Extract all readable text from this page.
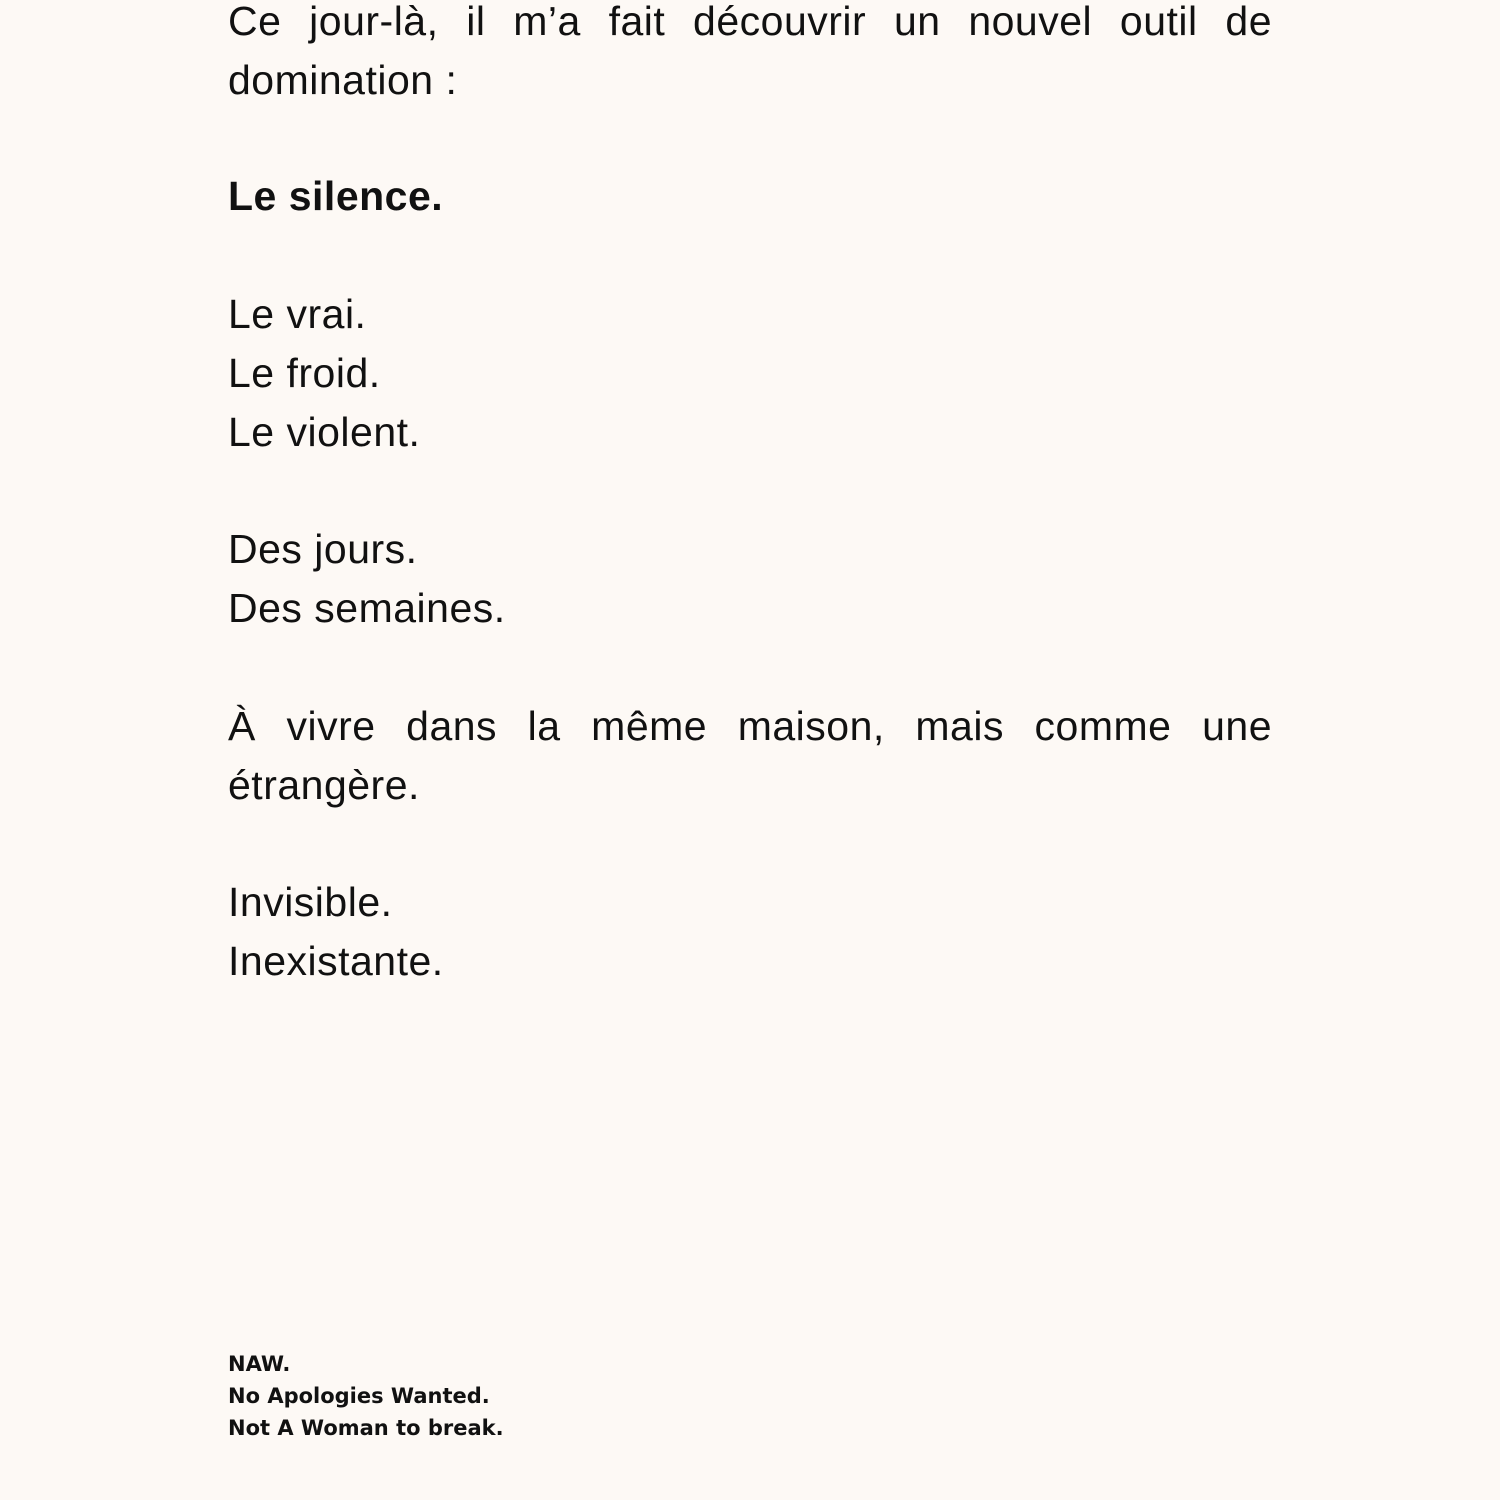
Ce jour-là, il m’a fait découvrir un nouvel outil de domination :

Le silence.
Le vrai.
Le froid.
Le violent.
Des jours.
Des semaines.

À vivre dans la même maison, mais comme une étrangère.

Invisible.
Inexistante.
NAW.
No Apologies Wanted.
Not A Woman to break.
